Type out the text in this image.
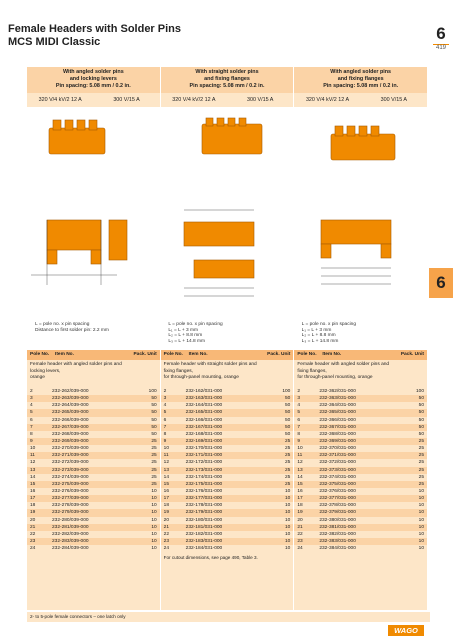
Female Headers with Solder Pins
MCS MIDI Classic	6
419
6
With angled solder pins
and locking levers
Pin spacing: 5.08 mm / 0.2 in.
320 V/4 kV/2 12 A	300 V/15 A
With straight solder pins
and fixing flanges
Pin spacing: 5.08 mm / 0.2 in.
320 V/4 kV/2 12 A	300 V/15 A
With angled solder pins
and fixing flanges
Pin spacing: 5.08 mm / 0.2 in.
320 V/4 kV/2 12 A	300 V/15 A
L = pole no. x pin spacing
Distance to first solder pin: 2.2 mm
L = pole no. x pin spacing
L₁ = L + 3 mm
L₂ = L + 8.8 mm
L₃ = L + 14.8 mm
L = pole no. x pin spacing
L₁ = L + 3 mm
L₂ = L + 8.8 mm
L₃ = L + 14.8 mm
Pole No.	Item No.	Pack. Unit
Female header with angled solder pins and
locking levers,
orange
2	232-262/039-000	100
3	232-263/039-000	50
4	232-264/039-000	50
5	232-265/039-000	50
6	232-266/039-000	50
7	232-267/039-000	50
8	232-268/039-000	50
9	232-269/039-000	25
10	232-270/039-000	25
11	232-271/039-000	25
12	232-272/039-000	25
13	232-273/039-000	25
14	232-274/039-000	25
15	232-275/039-000	25
16	232-276/039-000	10
17	232-277/039-000	10
18	232-278/039-000	10
19	232-279/039-000	10
20	232-280/039-000	10
21	232-281/039-000	10
22	232-282/039-000	10
23	232-283/039-000	10
24	232-284/039-000	10
Pole No.	Item No.	Pack. Unit
Female header with straight solder pins and
fixing flanges,
for through-panel mounting, orange
2	232-162/031-000	100
3	232-163/031-000	50
4	232-164/031-000	50
5	232-165/031-000	50
6	232-166/031-000	50
7	232-167/031-000	50
8	232-168/031-000	50
9	232-169/031-000	25
10	232-170/031-000	25
11	232-171/031-000	25
12	232-172/031-000	25
13	232-173/031-000	25
14	232-174/031-000	25
15	232-175/031-000	25
16	232-176/031-000	10
17	232-177/031-000	10
18	232-178/031-000	10
19	232-179/031-000	10
20	232-180/031-000	10
21	232-181/031-000	10
22	232-182/031-000	10
23	232-183/031-000	10
24	232-184/031-000	10
For cutout dimensions, see page 490, Table 3.
Pole No.	Item No.	Pack. Unit
Female header with angled solder pins and
fixing flanges,
for through-panel mounting, orange
2	232-362/031-000	100
3	232-363/031-000	50
4	232-364/031-000	50
5	232-365/031-000	50
6	232-366/031-000	50
7	232-367/031-000	50
8	232-368/031-000	50
9	232-369/031-000	25
10	232-370/031-000	25
11	232-371/031-000	25
12	232-372/031-000	25
13	232-373/031-000	25
14	232-374/031-000	25
15	232-375/031-000	25
16	232-376/031-000	10
17	232-377/031-000	10
18	232-378/031-000	10
19	232-379/031-000	10
20	232-380/031-000	10
21	232-381/031-000	10
22	232-382/031-000	10
23	232-383/031-000	10
24	232-384/031-000	10
2- to 5-pole female connectors – one latch only
WAGO
